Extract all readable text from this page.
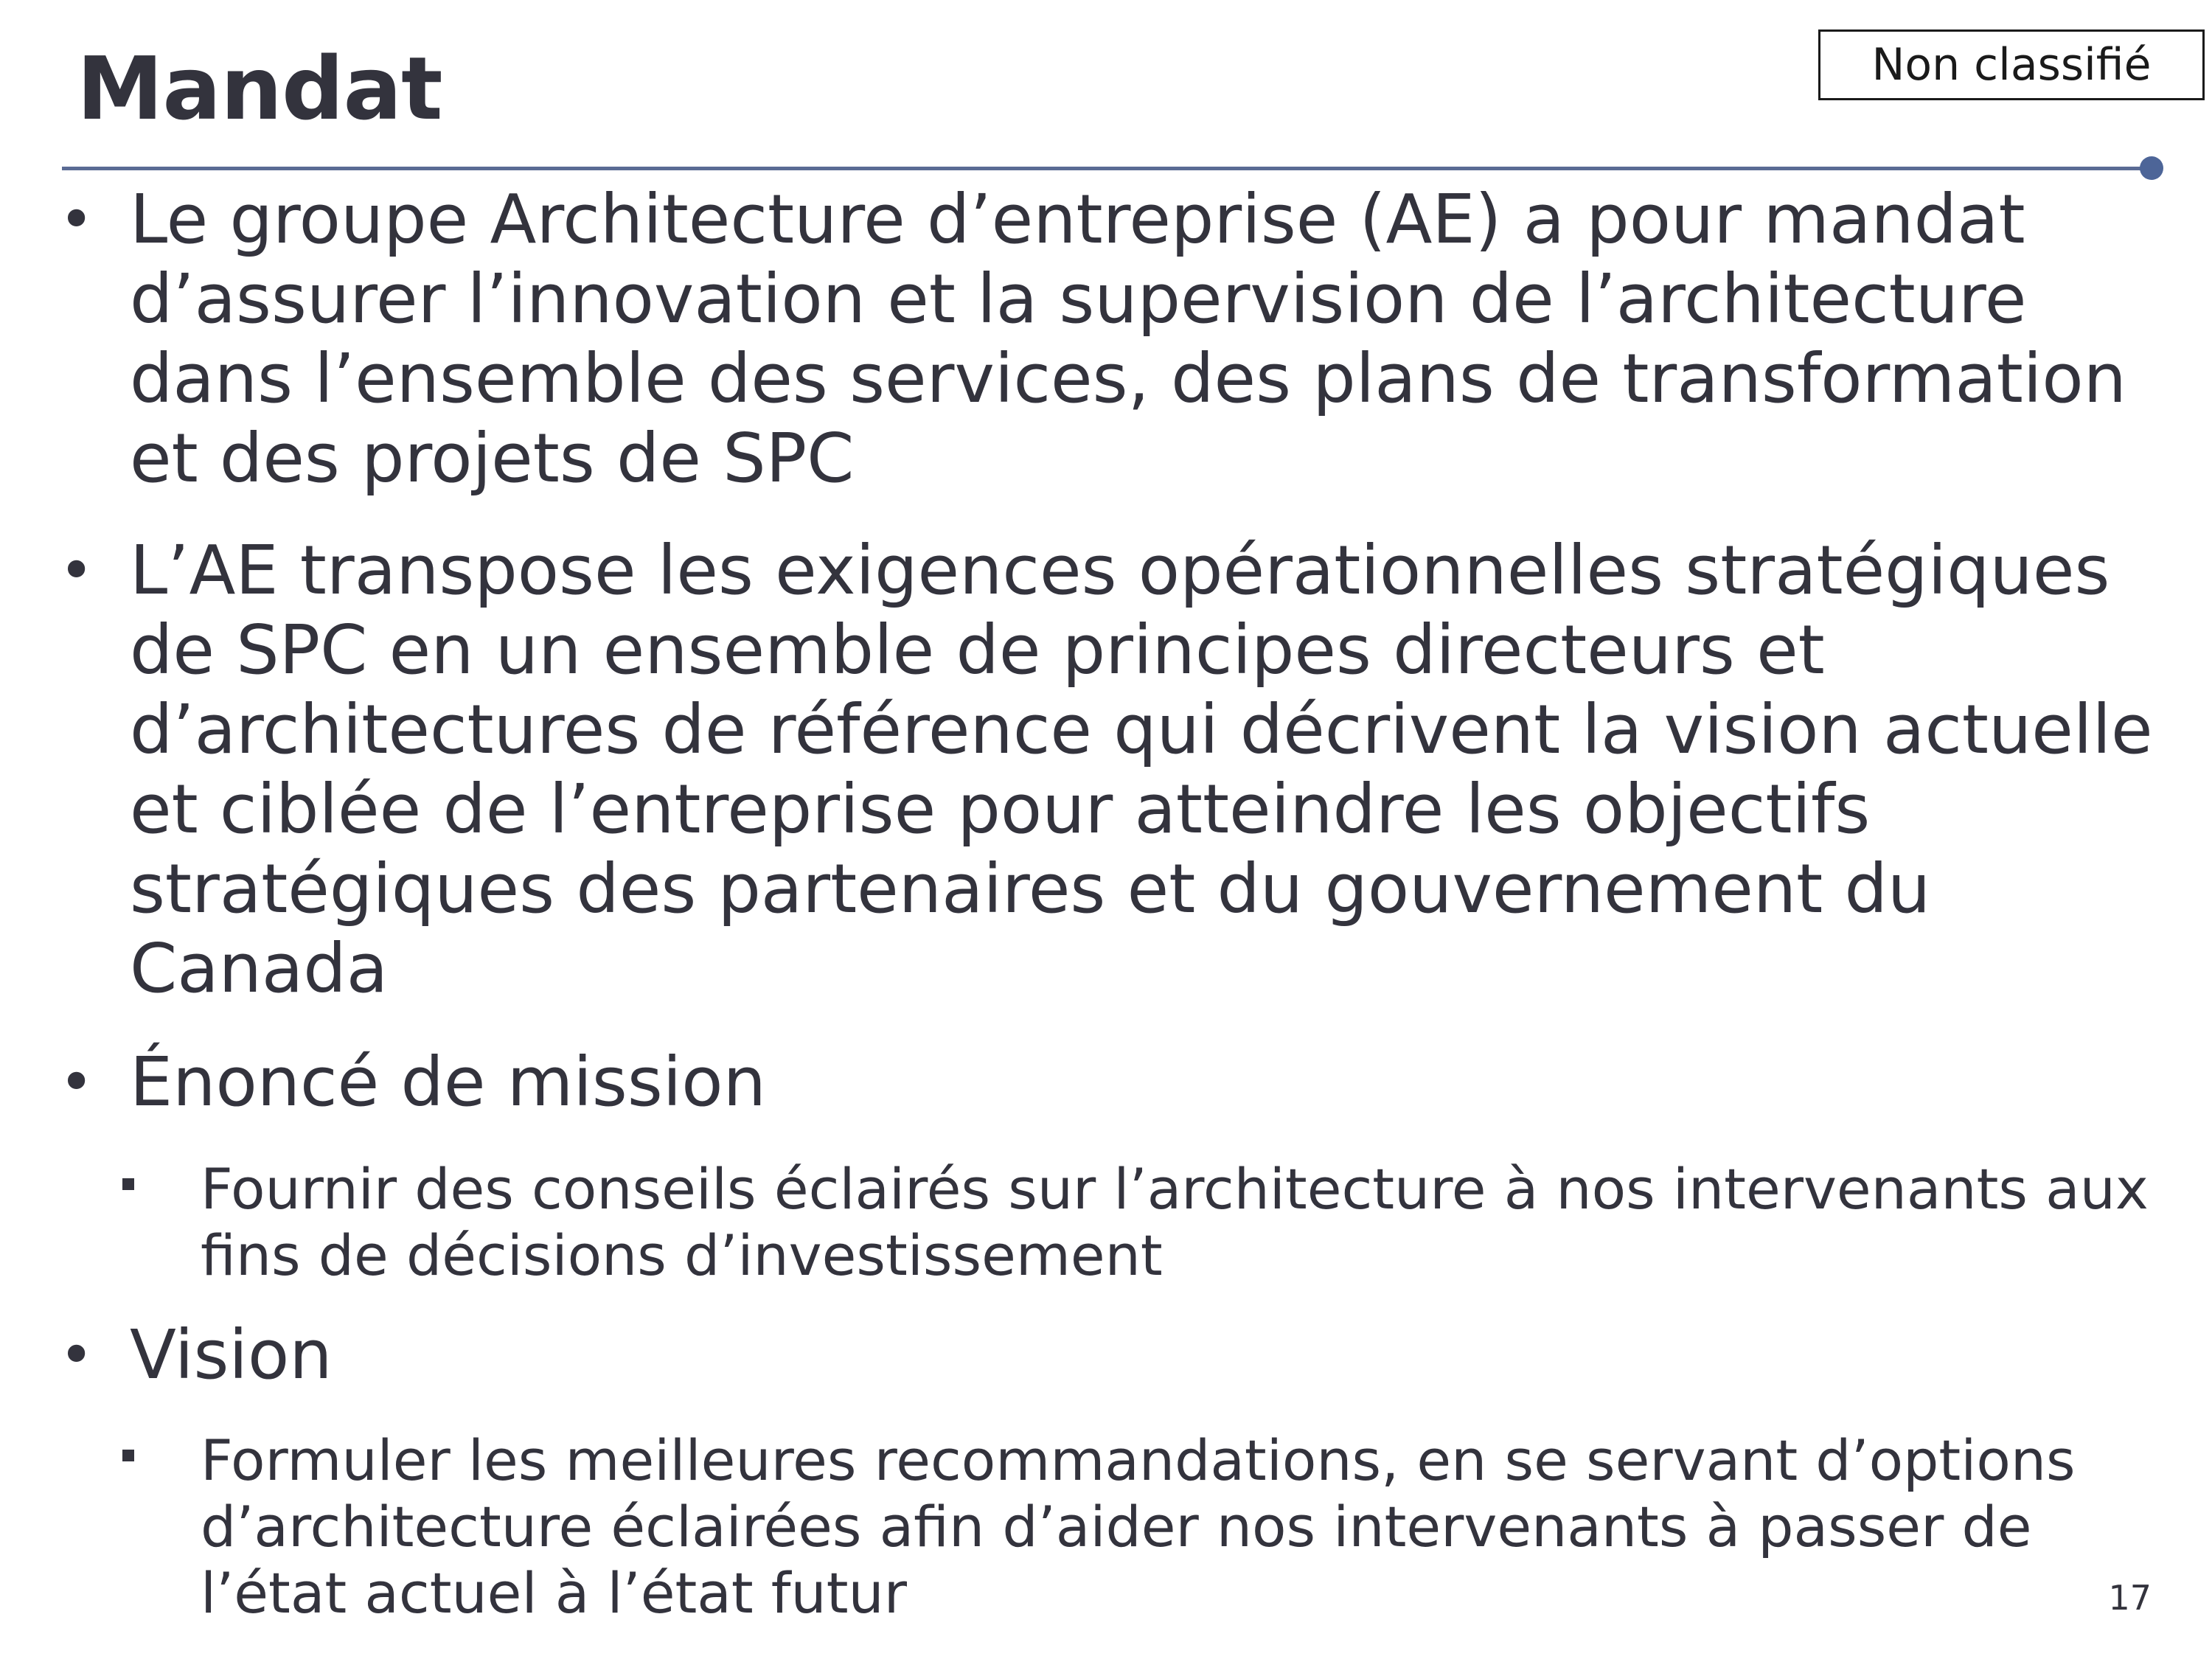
Mandat	Non classifié
• Le groupe Architecture d’entreprise (AE) a pour mandat d’assurer l’innovation et la supervision de l’architecture dans l’ensemble des services, des plans de transformation et des projets de SPC
• L’AE transpose les exigences opérationnelles stratégiques de SPC en un ensemble de principes directeurs et d’architectures de référence qui décrivent la vision actuelle et ciblée de l’entreprise pour atteindre les objectifs stratégiques des partenaires et du gouvernement du Canada
• Énoncé de mission
Fournir des conseils éclairés sur l’architecture à nos intervenants aux fins de décisions d’investissement
• Vision
Formuler les meilleures recommandations, en se servant d’options d’architecture éclairées afin d’aider nos intervenants à passer de l’état actuel à l’état futur	17
